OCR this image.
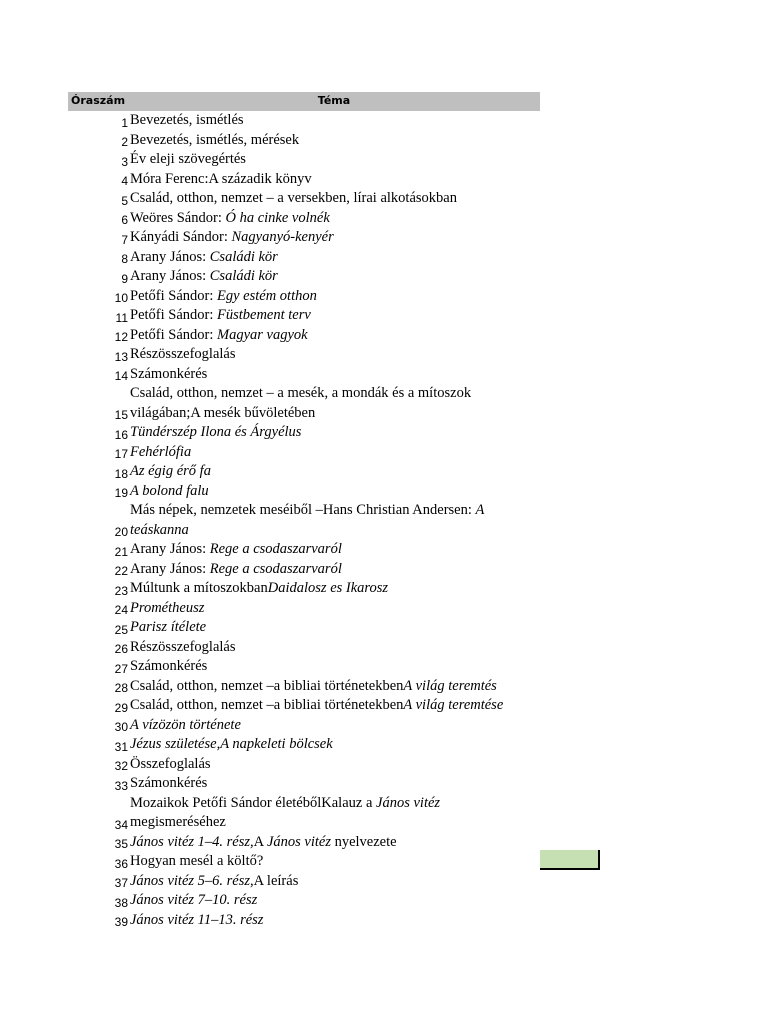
Óraszám	Téma
1 Bevezetés, ismétlés
2 Bevezetés, ismétlés, mérések
3 Év eleji szövegértés
4 Móra Ferenc:A századik könyv
5 Család, otthon, nemzet – a versekben, lírai alkotásokban
6 Weöres Sándor: Ó ha cinke volnék
7 Kányádi Sándor: Nagyanyó-kenyér
8 Arany János: Családi kör
9 Arany János: Családi kör
10 Petőfi Sándor: Egy estém otthon
11 Petőfi Sándor: Füstbement terv
12 Petőfi Sándor: Magyar vagyok
13 Részösszefoglalás
14 Számonkérés
15
Család, otthon, nemzet – a mesék, a mondák és a mítoszok világában;A mesék bűvöletében
16 Tündérszép Ilona és Árgyélus
17 Fehérlófia
18 Az égig érő fa
19 A bolond falu
20
Más népek, nemzetek meséiből –Hans Christian Andersen: A teáskanna
21 Arany János: Rege a csodaszarvaról
22 Arany János: Rege a csodaszarvaról
23 Múltunk a mítoszokbanDaidalosz es Ikarosz
24 Prométheusz
25 Parisz ítélete
26 Részösszefoglalás
27 Számonkérés
28 Család, otthon, nemzet –a bibliai történetekbenA világ teremtés
29 Család, otthon, nemzet –a bibliai történetekbenA világ teremtése
30 A vízözön története
31 Jézus születése,A napkeleti bölcsek
32 Összefoglalás
33 Számonkérés
34
Mozaikok Petőfi Sándor életébőlKalauz a János vitéz megismeréséhez
35 János vitéz 1–4. rész,A János vitéz nyelvezete
36 Hogyan mesél a költő?
37 János vitéz 5–6. rész,A leírás
38 János vitéz 7–10. rész
39 János vitéz 11–13. rész
